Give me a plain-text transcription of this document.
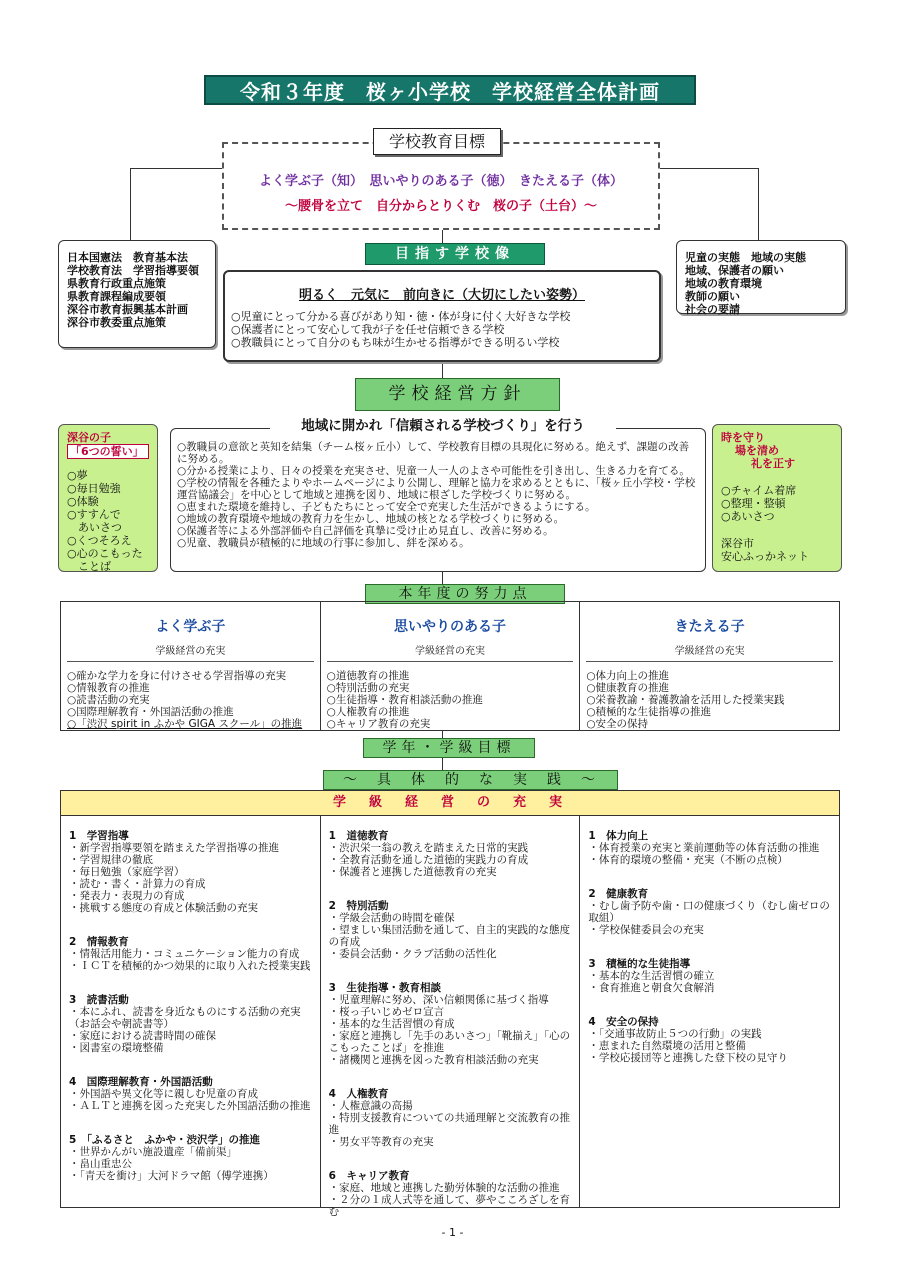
令和３年度　桜ヶ小学校　学校経営全体計画
学校教育目標
よく学ぶ子（知）　思いやりのある子（徳）　きたえる子（体）
～腰骨を立て　自分からとりくむ　桜の子（土台）～
日本国憲法　教育基本法
学校教育法　学習指導要領
県教育行政重点施策
県教育課程編成要領
深谷市教育振興基本計画
深谷市教委重点施策
児童の実態　地域の実態
地域、保護者の願い
地域の教育環境
教師の願い
社会の要請
目指す学校像
明るく　元気に　前向きに（大切にしたい姿勢）
○児童にとって分かる喜びがあり知・徳・体が身に付く大好きな学校
○保護者にとって安心して我が子を任せ信頼できる学校
○教職員にとって自分のもち味が生かせる指導ができる明るい学校
学校経営方針
深谷の子
「6つの誓い」
○夢
○毎日勉強
○体験
○すすんで
　あいさつ
○くつそろえ
○心のこもった
　ことば
○教職員の意欲と英知を結集（チーム桜ヶ丘小）して、学校教育目標の具現化に努める。絶えず、課題の改善に努める。
○分かる授業により、日々の授業を充実させ、児童一人一人のよさや可能性を引き出し、生きる力を育てる。
○学校の情報を各種たよりやホームページにより公開し、理解と協力を求めるとともに、「桜ヶ丘小学校・学校運営協議会」を中心として地域と連携を図り、地域に根ざした学校づくりに努める。
○恵まれた環境を維持し、子どもたちにとって安全で充実した生活ができるようにする。
○地域の教育環境や地域の教育力を生かし、地域の核となる学校づくりに努める。
○保護者等による外部評価や自己評価を真摯に受け止め見直し、改善に努める。
○児童、教職員が積極的に地域の行事に参加し、絆を深める。
地域に開かれ「信頼される学校づくり」を行う
時を守り
場を清め
礼を正す
○チャイム着席
○整理・整頓
○あいさつ
深谷市
安心ふっかネット
本年度の努力点
よく学ぶ子
学級経営の充実
○確かな学力を身に付けさせる学習指導の充実
○情報教育の推進
○読書活動の充実
○国際理解教育・外国語活動の推進
○「渋沢 spirit in ふかや GIGA スクール」の推進
思いやりのある子
学級経営の充実
○道徳教育の推進
○特別活動の充実
○生徒指導・教育相談活動の推進
○人権教育の推進
○キャリア教育の充実
きたえる子
学級経営の充実
○体力向上の推進
○健康教育の推進
○栄養教諭・養護教諭を活用した授業実践
○積極的な生徒指導の推進
○安全の保持
学年・学級目標
～　具　体　的　な　実　践　～
学　級　経　営　の　充　実
1　学習指導
・新学習指導要領を踏まえた学習指導の推進
・学習規律の徹底
・毎日勉強（家庭学習）
・読む・書く・計算力の育成
・発表力・表現力の育成
・挑戦する態度の育成と体験活動の充実
2　情報教育
・情報活用能力・コミュニケーション能力の育成
・ＩＣＴを積極的かつ効果的に取り入れた授業実践
3　読書活動
・本にふれ、読書を身近なものにする活動の充実（お話会や朝読書等）
・家庭における読書時間の確保
・図書室の環境整備
4　国際理解教育・外国語活動
・外国語や異文化等に親しむ児童の育成
・ＡＬＴと連携を図った充実した外国語活動の推進
5　「ふるさと　ふかや・渋沢学」の推進
・世界かんがい施設遺産「備前渠」
・畠山重忠公
・「青天を衝け」大河ドラマ館（傅学連携）
1　道徳教育
・渋沢栄一翁の教えを踏まえた日常的実践
・全教育活動を通した道徳的実践力の育成
・保護者と連携した道徳教育の充実
2　特別活動
・学級会活動の時間を確保
・望ましい集団活動を通して、自主的実践的な態度の育成
・委員会活動・クラブ活動の活性化
3　生徒指導・教育相談
・児童理解に努め、深い信頼関係に基づく指導
・桜っ子いじめゼロ宣言
・基本的な生活習慣の育成
・家庭と連携し「先手のあいさつ」「靴揃え」「心のこもったことば」を推進
・諸機関と連携を図った教育相談活動の充実
4　人権教育
・人権意識の高揚
・特別支援教育についての共通理解と交流教育の推進
・男女平等教育の充実
6　キャリア教育
・家庭、地域と連携した勤労体験的な活動の推進
・２分の１成人式等を通して、夢やこころざしを育む
1　体力向上
・体育授業の充実と業前運動等の体育活動の推進
・体育的環境の整備・充実（不断の点検）
2　健康教育
・むし歯予防や歯・口の健康づくり（むし歯ゼロの取組）
・学校保健委員会の充実
3　積極的な生徒指導
・基本的な生活習慣の確立
・食育推進と朝食欠食解消
4　安全の保持
・「交通事故防止５つの行動」の実践
・恵まれた自然環境の活用と整備
・学校応援団等と連携した登下校の見守り
- 1 -
